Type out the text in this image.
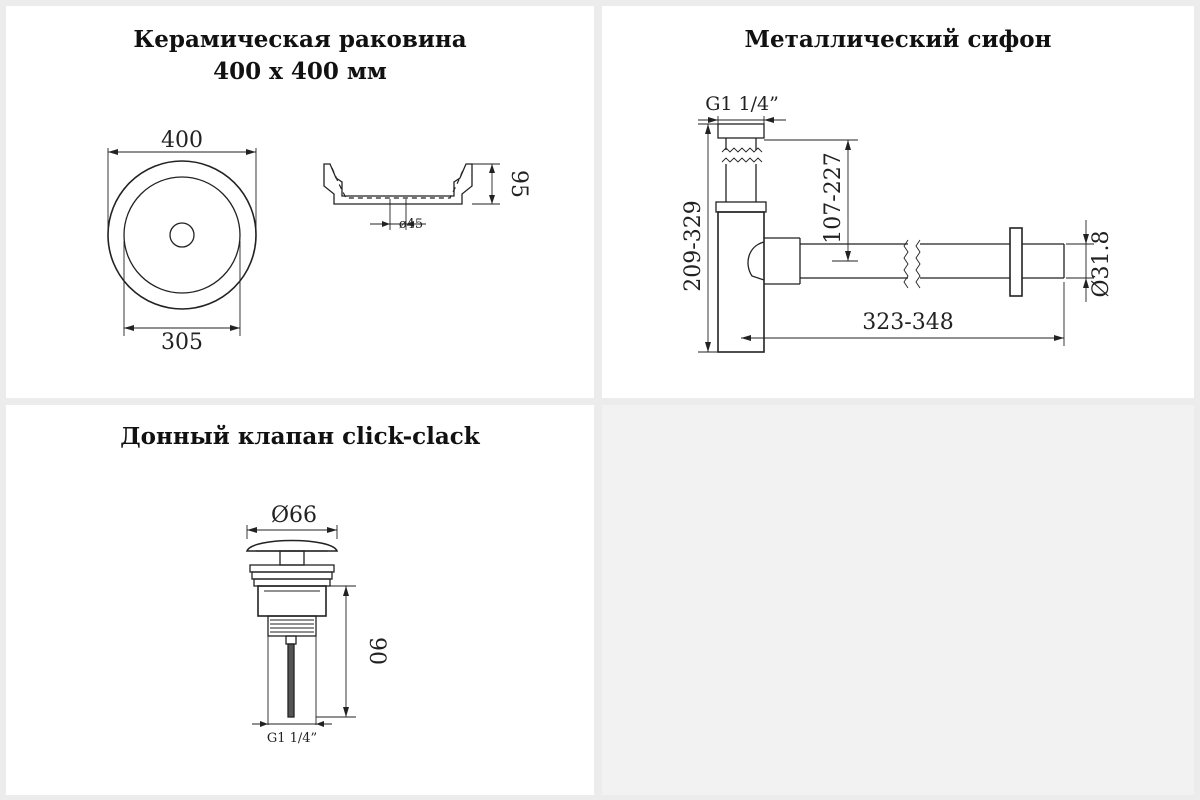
Керамическая раковина
400 x 400 мм
400
305
95
ø45
Металлический сифон
G1 1/4”
209-329
107-227
323-348
Ø31.8
Донный клапан click-clack
Ø66
90
G1 1/4”
